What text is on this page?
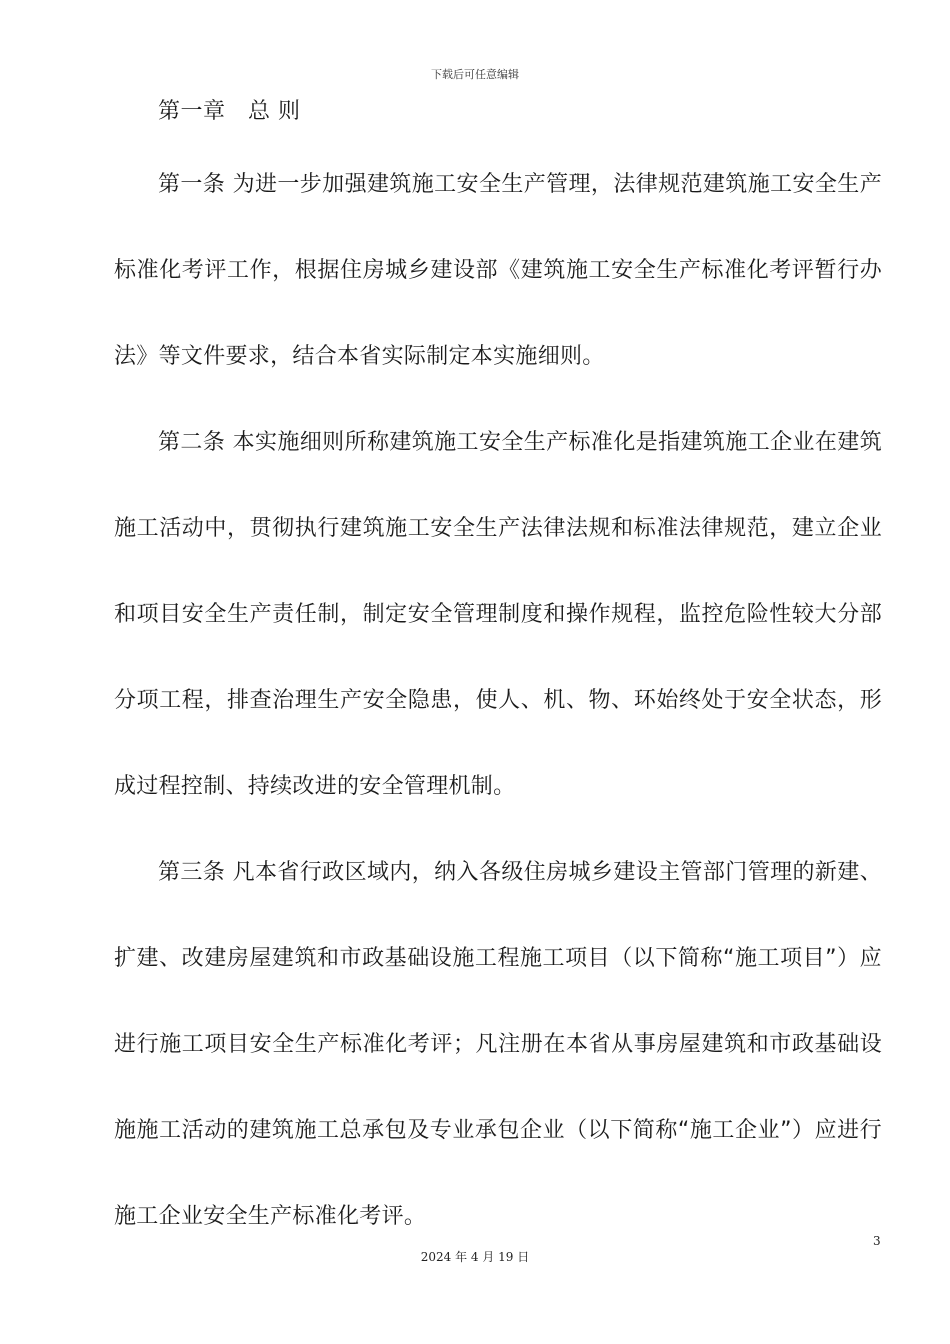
下载后可任意编辑

第一章　总 则

第一条 为进一步加强建筑施工安全生产管理，法律规范建筑施工安全生产标准化考评工作，根据住房城乡建设部《建筑施工安全生产标准化考评暂行办法》等文件要求，结合本省实际制定本实施细则。

第二条 本实施细则所称建筑施工安全生产标准化是指建筑施工企业在建筑施工活动中，贯彻执行建筑施工安全生产法律法规和标准法律规范，建立企业和项目安全生产责任制，制定安全管理制度和操作规程，监控危险性较大分部分项工程，排查治理生产安全隐患，使人、机、物、环始终处于安全状态，形成过程控制、持续改进的安全管理机制。

第三条 凡本省行政区域内，纳入各级住房城乡建设主管部门管理的新建、扩建、改建房屋建筑和市政基础设施工程施工项目（以下简称“施工项目”）应进行施工项目安全生产标准化考评；凡注册在本省从事房屋建筑和市政基础设施施工活动的建筑施工总承包及专业承包企业（以下简称“施工企业”）应进行施工企业安全生产标准化考评。

3
2024 年 4 月 19 日
